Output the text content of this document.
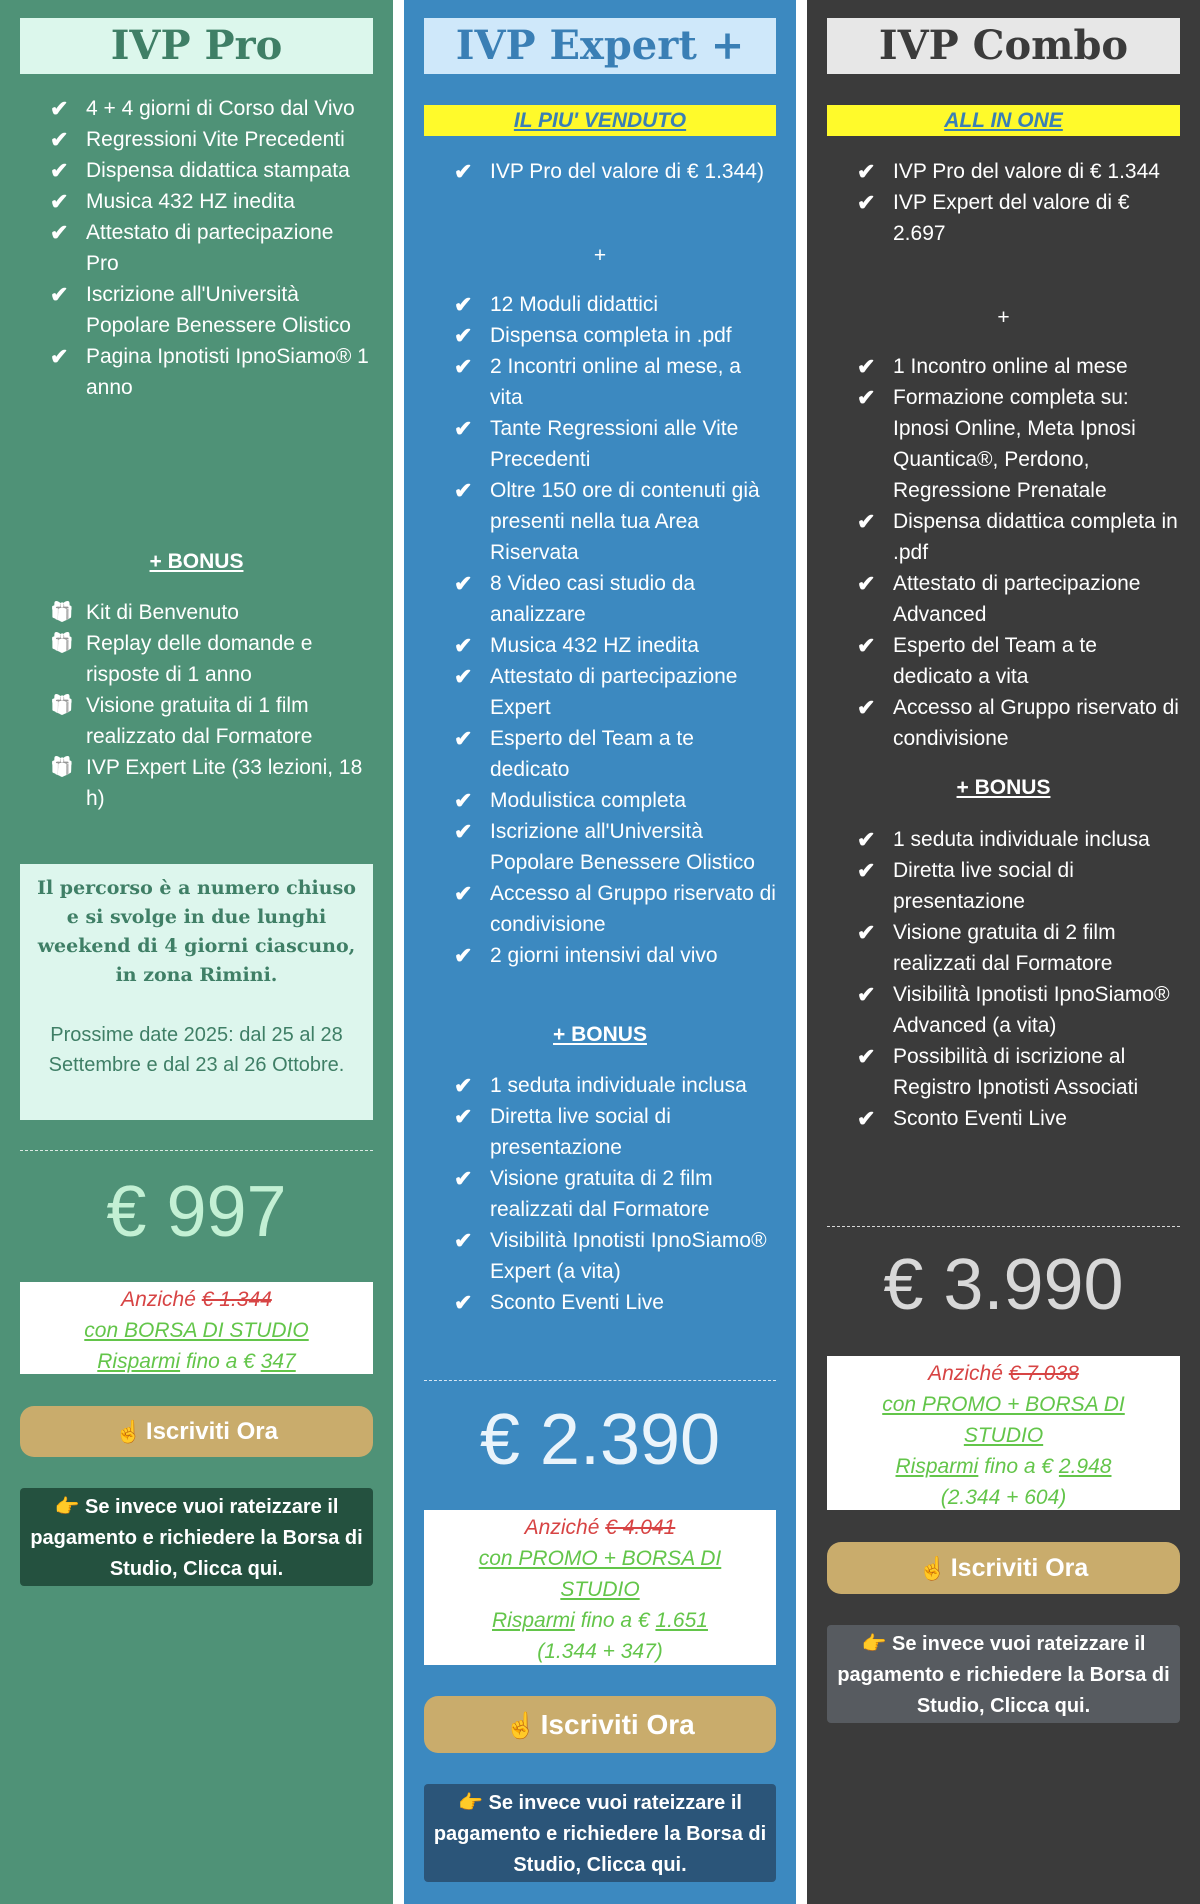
IVP Pro
✔ 4 + 4 giorni di Corso dal Vivo
✔ Regressioni Vite Precedenti
✔ Dispensa didattica stampata
✔ Musica 432 HZ inedita
✔ Attestato di partecipazione Pro
✔ Iscrizione all'Università Popolare Benessere Olistico
✔ Pagina Ipnotisti IpnoSiamo® 1 anno
+ BONUS
🎁 Kit di Benvenuto
🎁 Replay delle domande e risposte di 1 anno
🎁 Visione gratuita di 1 film realizzato dal Formatore
🎁 IVP Expert Lite (33 lezioni, 18 h)
Il percorso è a numero chiuso e si svolge in due lunghi weekend di 4 giorni ciascuno, in zona Rimini.
Prossime date 2025: dal 25 al 28 Settembre e dal 23 al 26 Ottobre.
€ 997
Anziché € 1.344
con BORSA DI STUDIO
Risparmi fino a € 347
☝ Iscriviti Ora
👉 Se invece vuoi rateizzare il pagamento e richiedere la Borsa di Studio, Clicca qui.
IVP Expert +
IL PIU' VENDUTO
✔ IVP Pro del valore di € 1.344)
+
✔ 12 Moduli didattici
✔ Dispensa completa in .pdf
✔ 2 Incontri online al mese, a vita
✔ Tante Regressioni alle Vite Precedenti
✔ Oltre 150 ore di contenuti già presenti nella tua Area Riservata
✔ 8 Video casi studio da analizzare
✔ Musica 432 HZ inedita
✔ Attestato di partecipazione Expert
✔ Esperto del Team a te dedicato
✔ Modulistica completa
✔ Iscrizione all'Università Popolare Benessere Olistico
✔ Accesso al Gruppo riservato di condivisione
✔ 2 giorni intensivi dal vivo
+ BONUS
✔ 1 seduta individuale inclusa
✔ Diretta live social di presentazione
✔ Visione gratuita di 2 film realizzati dal Formatore
✔ Visibilità Ipnotisti IpnoSiamo® Expert (a vita)
✔ Sconto Eventi Live
€ 2.390
Anziché € 4.041
con PROMO + BORSA DI STUDIO
Risparmi fino a € 1.651
(1.344 + 347)
☝ Iscriviti Ora
👉 Se invece vuoi rateizzare il pagamento e richiedere la Borsa di Studio, Clicca qui.
IVP Combo
ALL IN ONE
✔ IVP Pro del valore di € 1.344
✔ IVP Expert del valore di € 2.697
+
✔ 1 Incontro online al mese
✔ Formazione completa su: Ipnosi Online, Meta Ipnosi Quantica®, Perdono, Regressione Prenatale
✔ Dispensa didattica completa in .pdf
✔ Attestato di partecipazione Advanced
✔ Esperto del Team a te dedicato a vita
✔ Accesso al Gruppo riservato di condivisione
+ BONUS
✔ 1 seduta individuale inclusa
✔ Diretta live social di presentazione
✔ Visione gratuita di 2 film realizzati dal Formatore
✔ Visibilità Ipnotisti IpnoSiamo® Advanced (a vita)
✔ Possibilità di iscrizione al Registro Ipnotisti Associati
✔ Sconto Eventi Live
€ 3.990
Anziché € 7.038
con PROMO + BORSA DI STUDIO
Risparmi fino a € 2.948
(2.344 + 604)
☝ Iscriviti Ora
👉 Se invece vuoi rateizzare il pagamento e richiedere la Borsa di Studio, Clicca qui.
